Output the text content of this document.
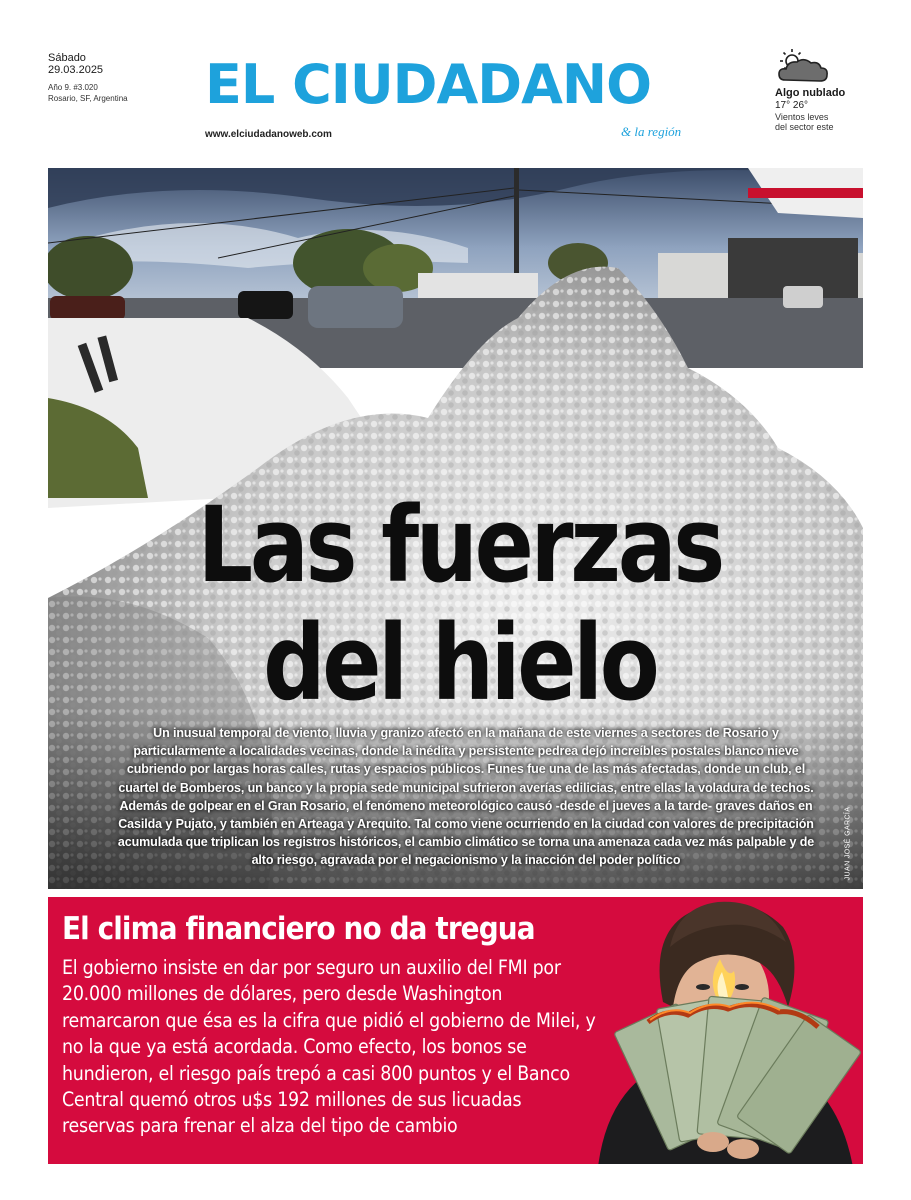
Sábado
29.03.2025
Año 9. #3.020
Rosario, SF, Argentina	EL CIUDADANO
www.elciudadanoweb.com	& la región
Algo nublado
17° 26°
Vientos leves
del sector este
Las fuerzas
del hielo
Un inusual temporal de viento, lluvia y granizo afectó en la mañana de este viernes a sectores de Rosario y particularmente a localidades vecinas, donde la inédita y persistente pedrea dejó increíbles postales blanco nieve cubriendo por largas horas calles, rutas y espacios públicos. Funes fue una de las más afectadas, donde un club, el cuartel de Bomberos, un banco y la propia sede municipal sufrieron averías edilicias, entre ellas la voladura de techos. Además de golpear en el Gran Rosario, el fenómeno meteorológico causó -desde el jueves a la tarde- graves daños en Casilda y Pujato, y también en Arteaga y Arequito. Tal como viene ocurriendo en la ciudad con valores de precipitación acumulada que triplican los registros históricos, el cambio climático se torna una amenaza cada vez más palpable y de alto riesgo, agravada por el negacionismo y la inacción del poder político	JUAN JOSÉ GARCÍA
El clima financiero no da tregua
El gobierno insiste en dar por seguro un auxilio del FMI por 20.000 millones de dólares, pero desde Washington remarcaron que ésa es la cifra que pidió el gobierno de Milei, y no la que ya está acordada. Como efecto, los bonos se hundieron, el riesgo país trepó a casi 800 puntos y el Banco Central quemó otros u$s 192 millones de sus licuadas reservas para frenar el alza del tipo de cambio
